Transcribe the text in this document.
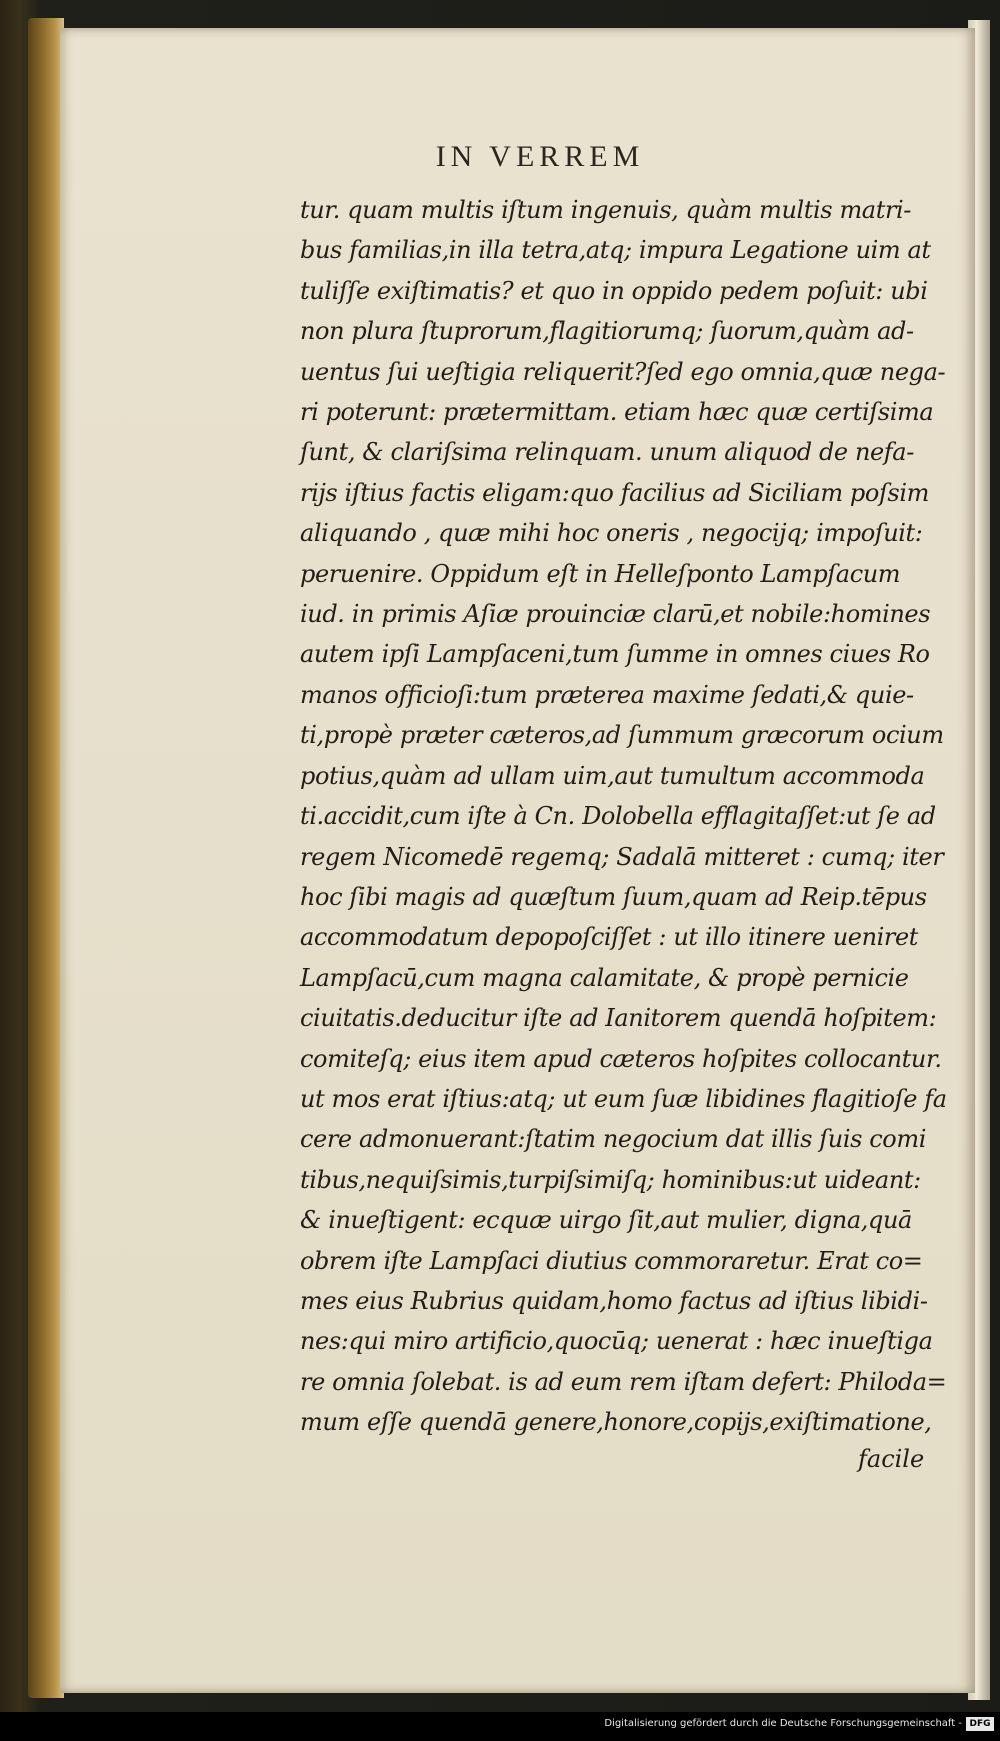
IN VERREM
tur. quam multis iſtum ingenuis, quàm multis matri-
bus familias,in illa tetra,atq; impura Legatione uim at
tuliſſe exiſtimatis? et quo in oppido pedem poſuit: ubi
non plura ſtuprorum,flagitiorumq; ſuorum,quàm ad-
uentus ſui ueſtigia reliquerit?ſed ego omnia,quæ nega-
ri poterunt: prætermittam. etiam hæc quæ certiſsima
ſunt, & clariſsima relinquam. unum aliquod de nefa-
rijs iſtius factis eligam:quo facilius ad Siciliam poſsim
aliquando , quæ mihi hoc oneris , negocijq; impoſuit:
peruenire. Oppidum eſt in Helleſponto Lampſacum
iud. in primis Aſiæ prouinciæ clarū,et nobile:homines
autem ipſi Lampſaceni,tum ſumme in omnes ciues Ro
manos officioſi:tum præterea maxime ſedati,& quie-
ti,propè præter cæteros,ad ſummum græcorum ocium
potius,quàm ad ullam uim,aut tumultum accommoda
ti.accidit,cum iſte à Cn. Dolobella efflagitaſſet:ut ſe ad
regem Nicomedē regemq; Sadalā mitteret : cumq; iter
hoc ſibi magis ad quæſtum ſuum,quam ad Reip.tēpus
accommodatum depopoſciſſet : ut illo itinere ueniret
Lampſacū,cum magna calamitate, & propè pernicie
ciuitatis.deducitur iſte ad Ianitorem quendā hoſpitem:
comiteſq; eius item apud cæteros hoſpites collocantur.
ut mos erat iſtius:atq; ut eum ſuæ libidines flagitioſe fa
cere admonuerant:ſtatim negocium dat illis ſuis comi
tibus,nequiſsimis,turpiſsimiſq; hominibus:ut uideant:
& inueſtigent: ecquæ uirgo ſit,aut mulier, digna,quā
obrem iſte Lampſaci diutius commoraretur. Erat co=
mes eius Rubrius quidam,homo factus ad iſtius libidi-
nes:qui miro artificio,quocūq; uenerat : hæc inueſtiga
re omnia ſolebat. is ad eum rem iſtam defert: Philoda=
mum eſſe quendā genere,honore,copijs,exiſtimatione,
facile
Digitalisierung gefördert durch die Deutsche Forschungsgemeinschaft - DFG
